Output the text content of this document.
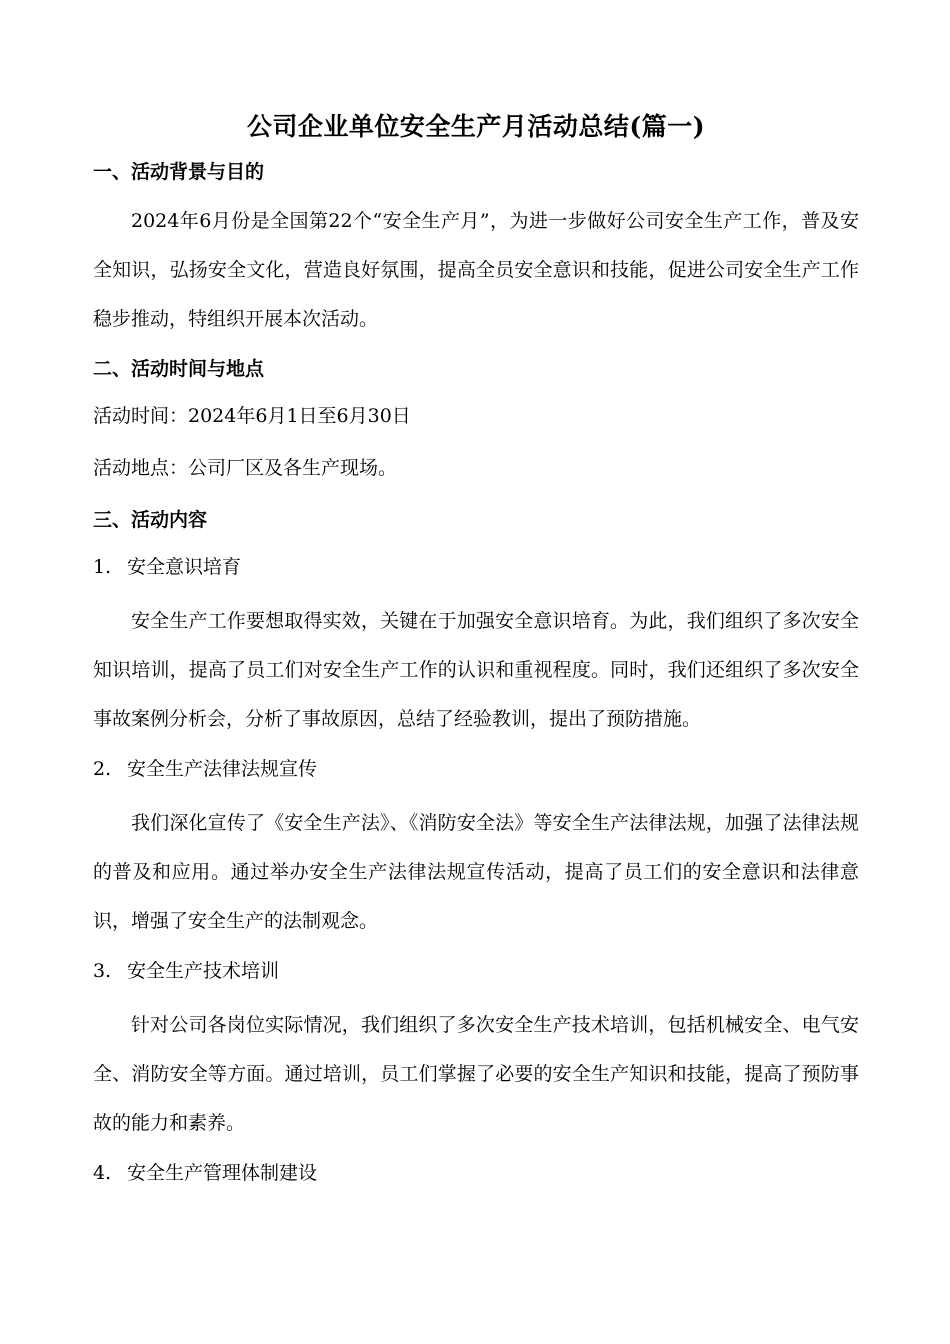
公司企业单位安全生产月活动总结(篇一)
一、活动背景与目的
2024年6月份是全国第22个“安全生产月”，为进一步做好公司安全生产工作，普及安全知识，弘扬安全文化，营造良好氛围，提高全员安全意识和技能，促进公司安全生产工作稳步推动，特组织开展本次活动。
二、活动时间与地点
活动时间：2024年6月1日至6月30日
活动地点：公司厂区及各生产现场。
三、活动内容
1. 安全意识培育
安全生产工作要想取得实效，关键在于加强安全意识培育。为此，我们组织了多次安全知识培训，提高了员工们对安全生产工作的认识和重视程度。同时，我们还组织了多次安全事故案例分析会，分析了事故原因，总结了经验教训，提出了预防措施。
2. 安全生产法律法规宣传
我们深化宣传了《安全生产法》、《消防安全法》等安全生产法律法规，加强了法律法规的普及和应用。通过举办安全生产法律法规宣传活动，提高了员工们的安全意识和法律意识，增强了安全生产的法制观念。
3. 安全生产技术培训
针对公司各岗位实际情况，我们组织了多次安全生产技术培训，包括机械安全、电气安全、消防安全等方面。通过培训，员工们掌握了必要的安全生产知识和技能，提高了预防事故的能力和素养。
4. 安全生产管理体制建设
